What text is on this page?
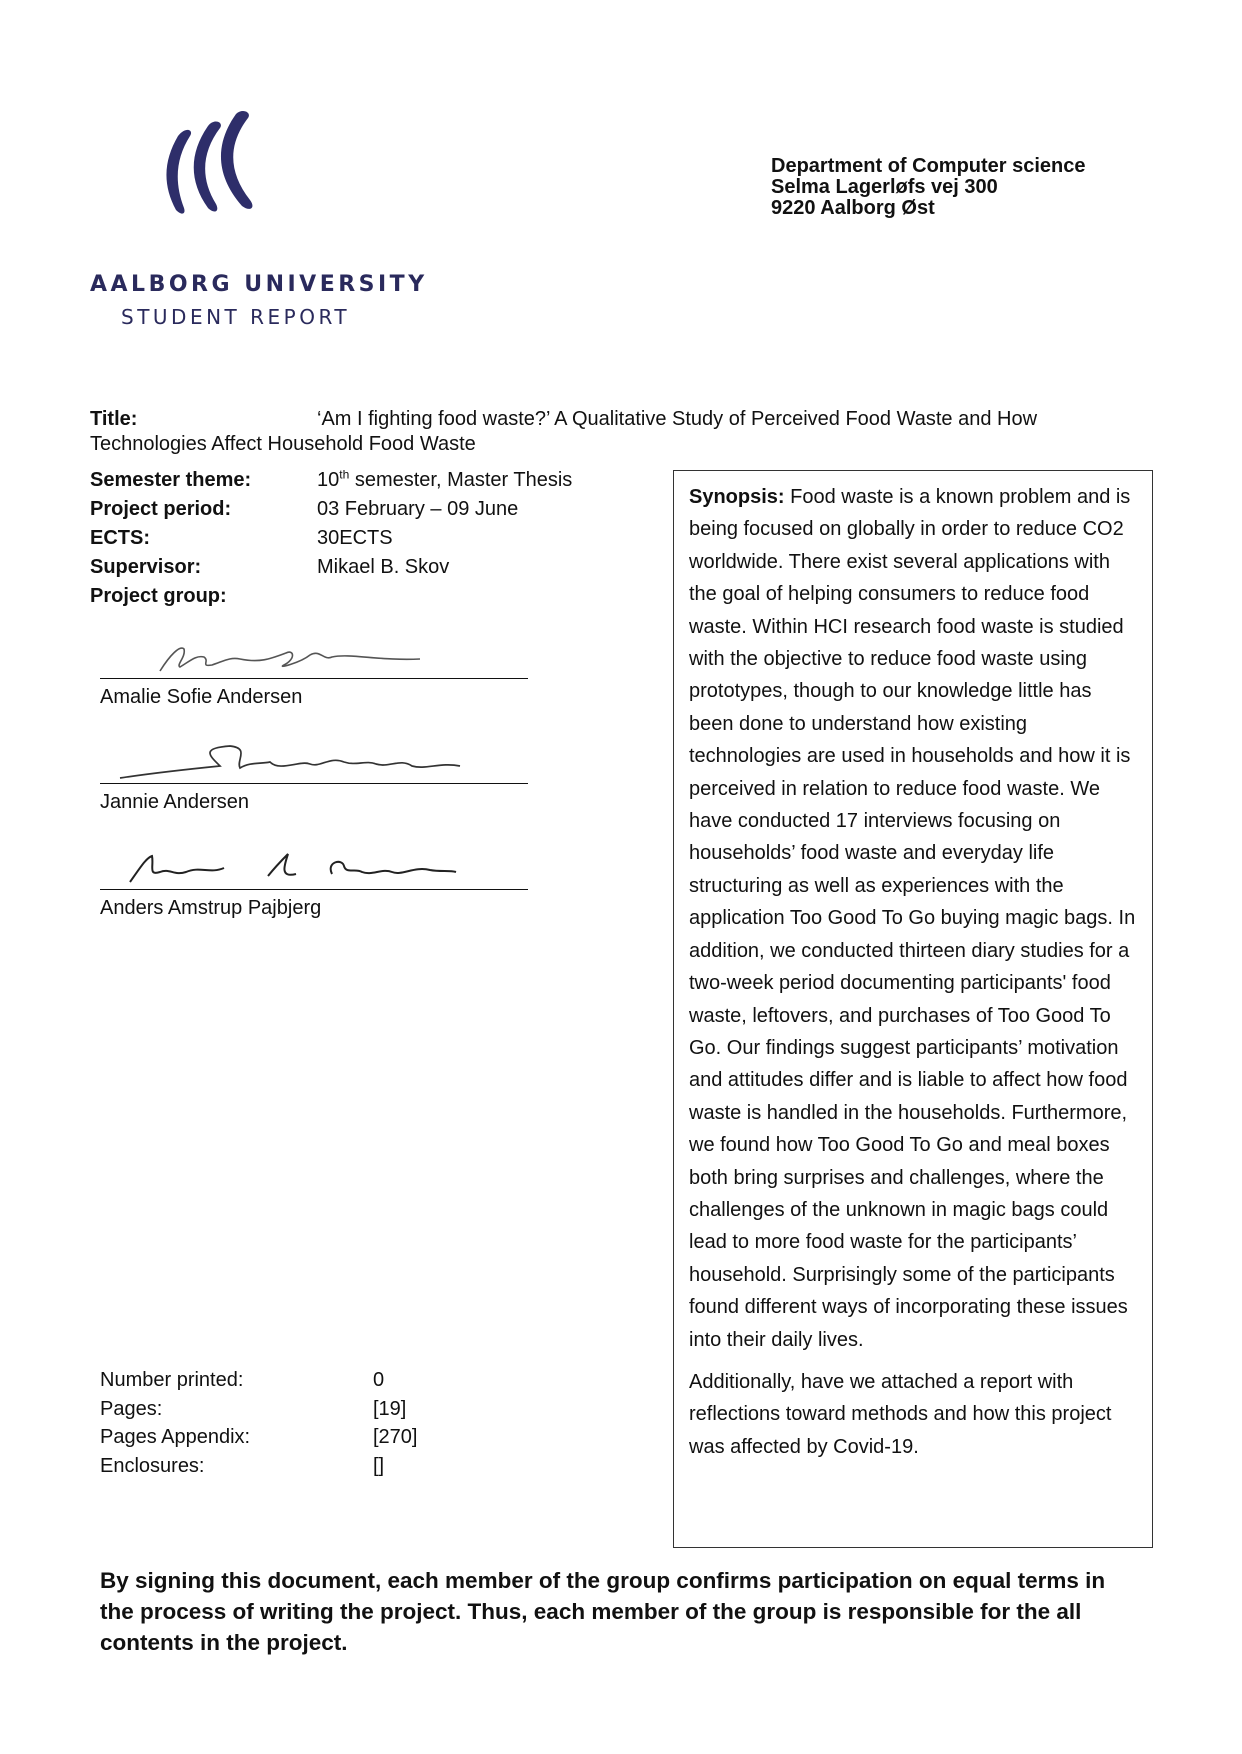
AALBORG UNIVERSITY
STUDENT REPORT
Department of Computer science
Selma Lagerløfs vej 300
9220 Aalborg Øst
Title:	‘Am I fighting food waste?’ A Qualitative Study of Perceived Food Waste and How
Technologies Affect Household Food Waste
Semester theme:	10th semester, Master Thesis
Project period:	03 February – 09 June
ECTS:	30ECTS
Supervisor:	Mikael B. Skov
Project group:
Amalie Sofie Andersen
Jannie Andersen
Anders Amstrup Pajbjerg
Number printed:	0
Pages:	[19]
Pages Appendix:	[270]
Enclosures:	[]

Synopsis: Food waste is a known problem and is being focused on globally in order to reduce CO2 worldwide. There exist several applications with the goal of helping consumers to reduce food waste. Within HCI research food waste is studied with the objective to reduce food waste using prototypes, though to our knowledge little has been done to understand how existing technologies are used in households and how it is perceived in relation to reduce food waste. We have conducted 17 interviews focusing on households’ food waste and everyday life structuring as well as experiences with the application Too Good To Go buying magic bags. In addition, we conducted thirteen diary studies for a two-week period documenting participants' food waste, leftovers, and purchases of Too Good To Go. Our findings suggest participants’ motivation and attitudes differ and is liable to affect how food waste is handled in the households. Furthermore, we found how Too Good To Go and meal boxes both bring surprises and challenges, where the challenges of the unknown in magic bags could lead to more food waste for the participants’ household. Surprisingly some of the participants found different ways of incorporating these issues into their daily lives.

Additionally, have we attached a report with reflections toward methods and how this project was affected by Covid-19.

By signing this document, each member of the group confirms participation on equal terms in the process of writing the project. Thus, each member of the group is responsible for the all contents in the project.
